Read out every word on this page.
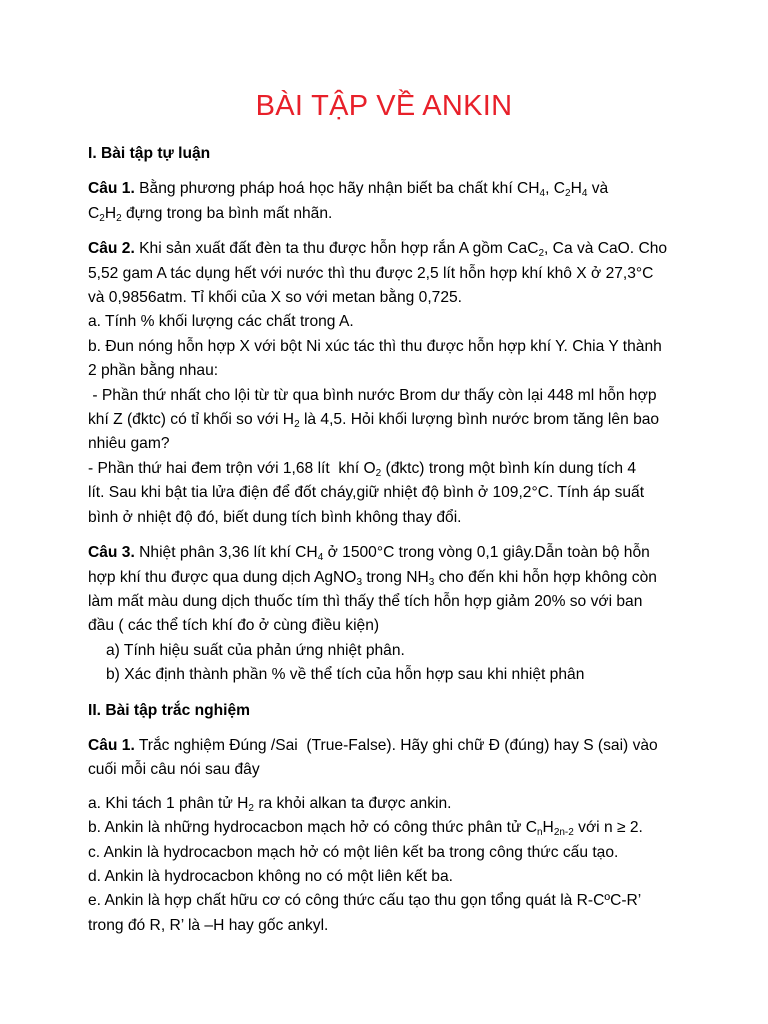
BÀI TẬP VỀ ANKIN

I. Bài tập tự luận

Câu 1. Bằng phương pháp hoá học hãy nhận biết ba chất khí $CH_4$, $C_2H_4$ và

$C_2H_2$ đựng trong ba bình mất nhãn.

Câu 2. Khi sản xuất đất đèn ta thu được hỗn hợp rắn A gồm CaC$_2$, Ca và CaO. Cho

5,52 gam A tác dụng hết với nước thì thu được 2,5 lít hỗn hợp khí khô X ở 27,3°C

và 0,9856atm. Tỉ khối của X so với metan bằng 0,725.

a. Tính % khối lượng các chất trong A.

b. Đun nóng hỗn hợp X với bột Ni xúc tác thì thu được hỗn hợp khí Y. Chia Y thành

2 phần bằng nhau:

- Phần thứ nhất cho lội từ từ qua bình nước Brom dư thấy còn lại 448 ml hỗn hợp

khí Z (đktc) có tỉ khối so với $H_2$ là 4,5. Hỏi khối lượng bình nước brom tăng lên bao

nhiêu gam?

- Phần thứ hai đem trộn với 1,68 lít  khí $O_2$ (đktc) trong một bình kín dung tích 4

lít. Sau khi bật tia lửa điện để đốt cháy,giữ nhiệt độ bình ở 109,2°C. Tính áp suất

bình ở nhiệt độ đó, biết dung tích bình không thay đổi.

Câu 3. Nhiệt phân 3,36 lít khí $CH_4$ ở 1500°C trong vòng 0,1 giây.Dẫn toàn bộ hỗn

hợp khí thu được qua dung dịch AgNO$_3$ trong $NH_3$ cho đến khi hỗn hợp không còn

làm mất màu dung dịch thuốc tím thì thấy thể tích hỗn hợp giảm 20% so với ban

đầu ( các thể tích khí đo ở cùng điều kiện)

a) Tính hiệu suất của phản ứng nhiệt phân.

b) Xác định thành phần % về thể tích của hỗn hợp sau khi nhiệt phân

II. Bài tập trắc nghiệm

Câu 1. Trắc nghiệm Đúng /Sai  (True-False). Hãy ghi chữ Đ (đúng) hay S (sai) vào

cuối mỗi câu nói sau đây

a. Khi tách 1 phân tử $H_2$ ra khỏi alkan ta được ankin.

b. Ankin là những hydrocacbon mạch hở có công thức phân tử $C_nH_{2n-2}$ với n ≥ 2.

c. Ankin là hydrocacbon mạch hở có một liên kết ba trong công thức cấu tạo.

d. Ankin là hydrocacbon không no có một liên kết ba.

e. Ankin là hợp chất hữu cơ có công thức cấu tạo thu gọn tổng quát là R-CºC-R’

trong đó R, R’ là –H hay gốc ankyl.
